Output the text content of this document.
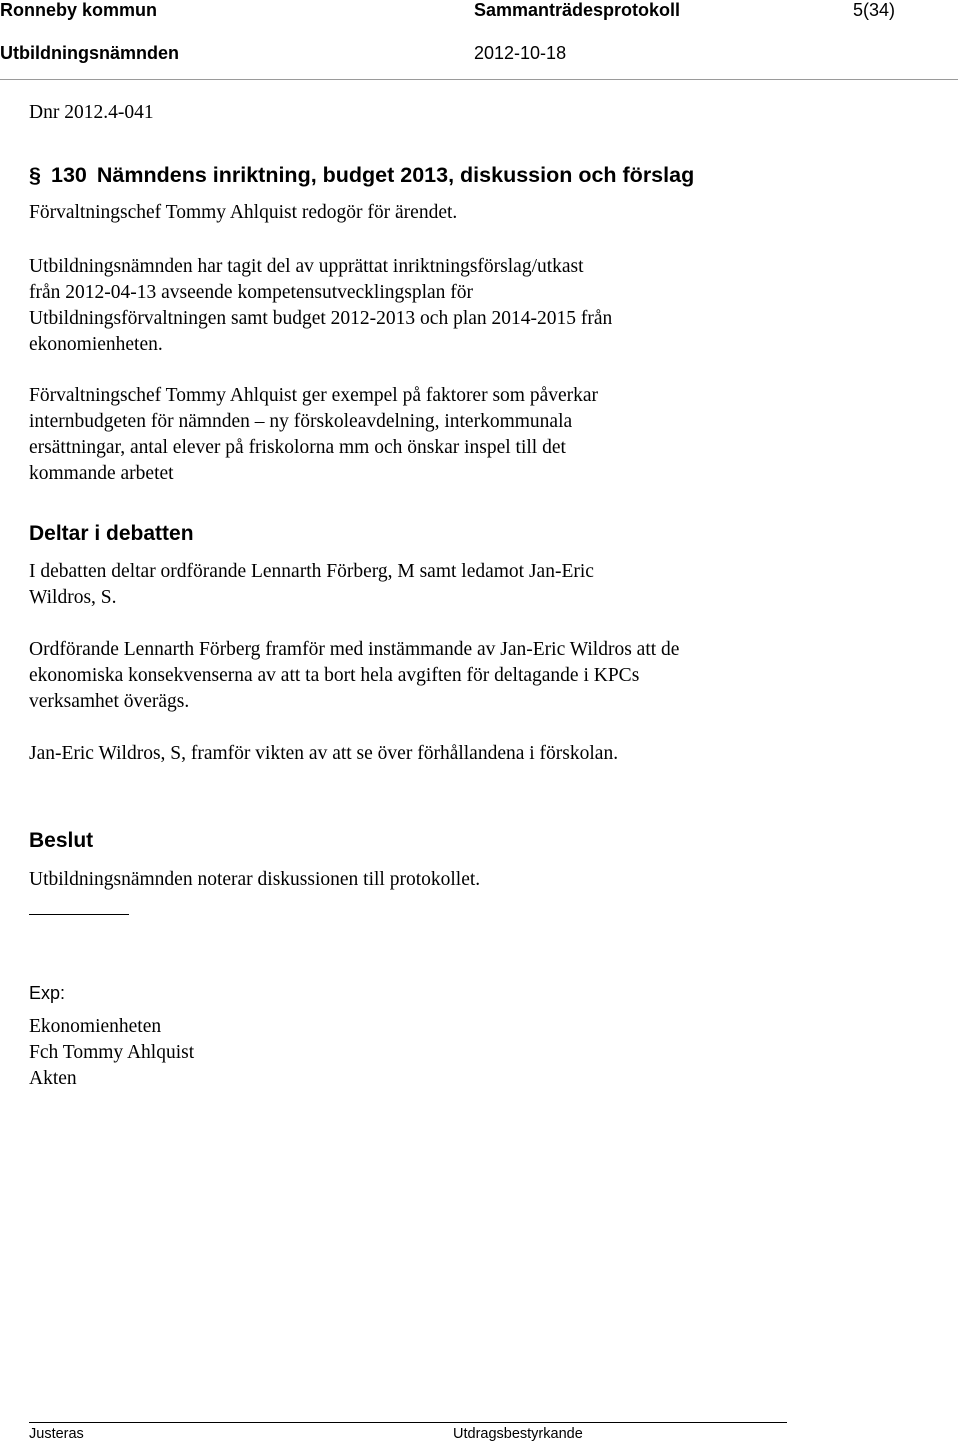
Ronneby kommun	Sammanträdesprotokoll	5(34)
Utbildningsnämnden	2012-10-18
Dnr 2012.4-041
§ 130 Nämndens inriktning, budget 2013, diskussion och förslag
Förvaltningschef Tommy Ahlquist redogör för ärendet.
Utbildningsnämnden har tagit del av upprättat inriktningsförslag/utkast
från 2012-04-13 avseende kompetensutvecklingsplan för
Utbildningsförvaltningen samt budget 2012-2013 och plan 2014-2015 från
ekonomienheten.
Förvaltningschef Tommy Ahlquist ger exempel på faktorer som påverkar
internbudgeten för nämnden – ny förskoleavdelning, interkommunala
ersättningar, antal elever på friskolorna mm och önskar inspel till det
kommande arbetet
Deltar i debatten
I debatten deltar ordförande Lennarth Förberg, M samt ledamot Jan-Eric
Wildros, S.
Ordförande Lennarth Förberg framför med instämmande av Jan-Eric Wildros att de
ekonomiska konsekvenserna av att ta bort hela avgiften för deltagande i KPCs
verksamhet överägs.
Jan-Eric Wildros, S, framför vikten av att se över förhållandena i förskolan.
Beslut
Utbildningsnämnden noterar diskussionen till protokollet.
Exp:
Ekonomienheten
Fch Tommy Ahlquist
Akten
Justeras	Utdragsbestyrkande
